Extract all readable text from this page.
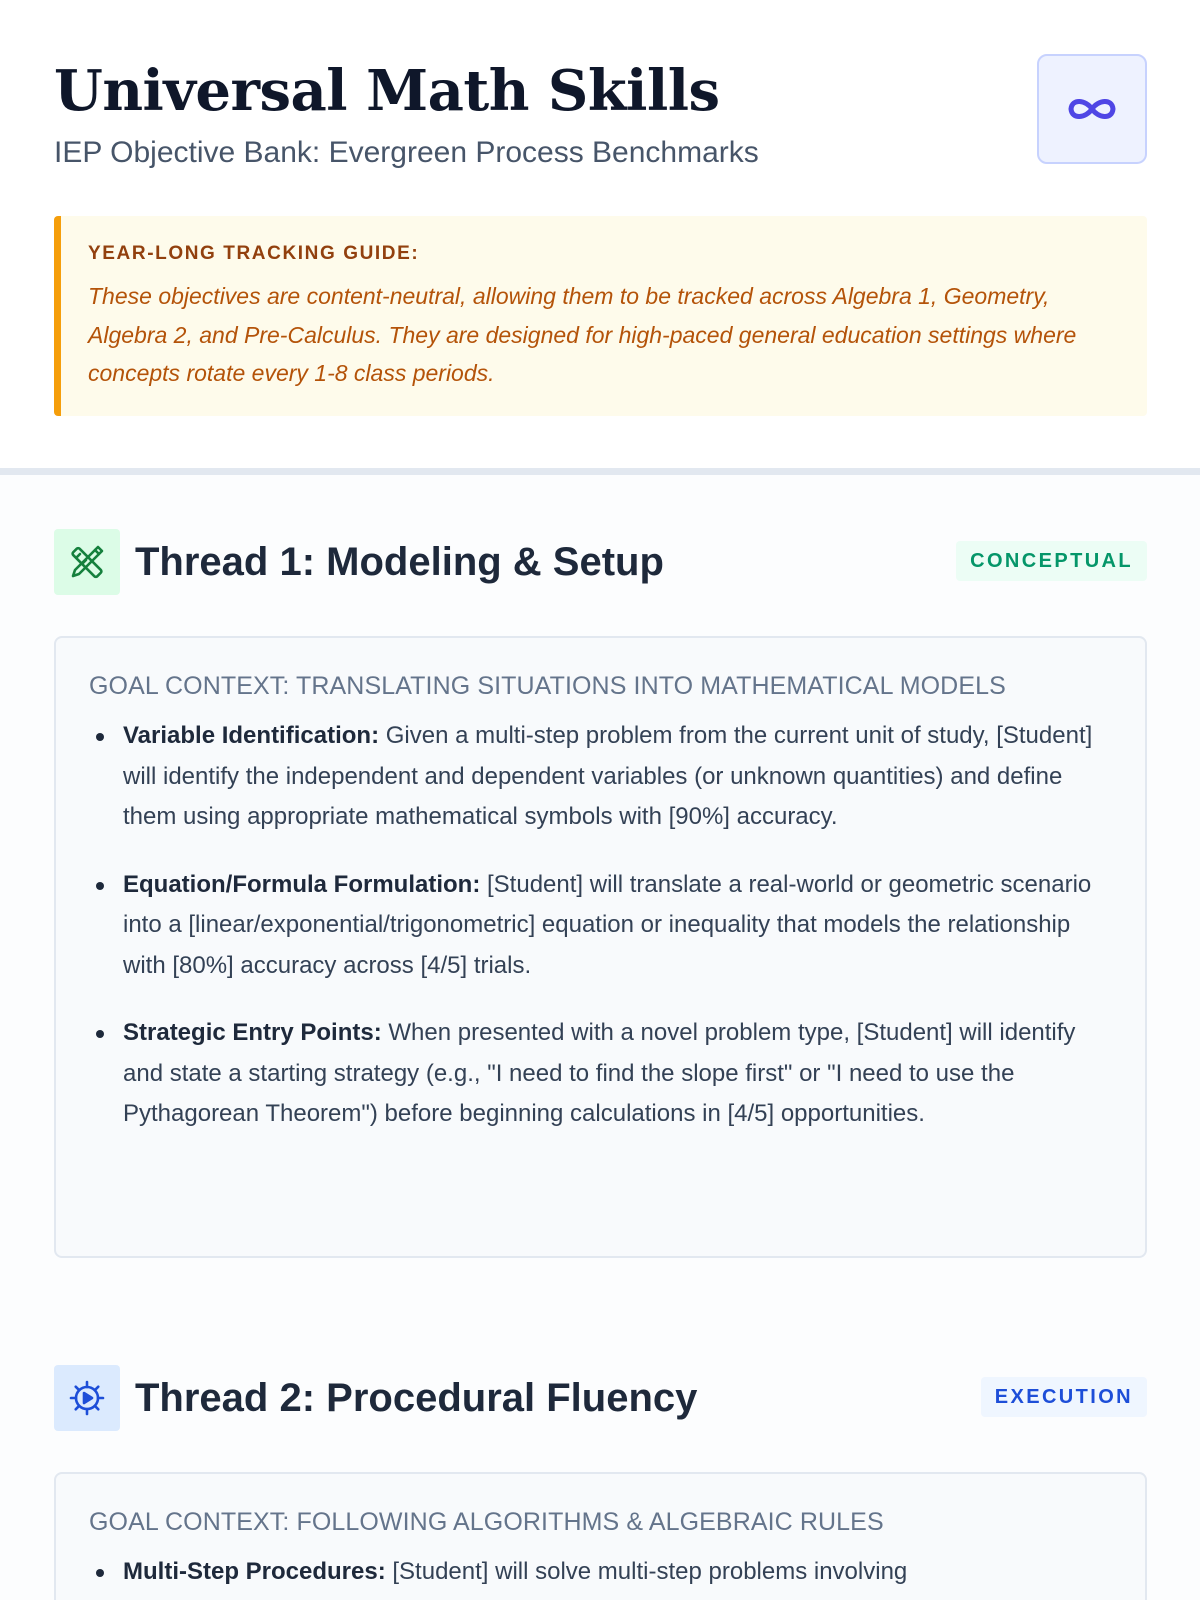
Universal Math Skills
IEP Objective Bank: Evergreen Process Benchmarks
YEAR-LONG TRACKING GUIDE:
These objectives are content-neutral, allowing them to be tracked across Algebra 1, Geometry, Algebra 2, and Pre-Calculus. They are designed for high-paced general education settings where concepts rotate every 1-8 class periods.
Thread 1: Modeling & Setup	CONCEPTUAL
GOAL CONTEXT: TRANSLATING SITUATIONS INTO MATHEMATICAL MODELS
Variable Identification: Given a multi-step problem from the current unit of study, [Student] will identify the independent and dependent variables (or unknown quantities) and define them using appropriate mathematical symbols with [90%] accuracy.
Equation/Formula Formulation: [Student] will translate a real-world or geometric scenario into a [linear/exponential/trigonometric] equation or inequality that models the relationship with [80%] accuracy across [4/5] trials.
Strategic Entry Points: When presented with a novel problem type, [Student] will identify and state a starting strategy (e.g., "I need to find the slope first" or "I need to use the Pythagorean Theorem") before beginning calculations in [4/5] opportunities.
Thread 2: Procedural Fluency	EXECUTION
GOAL CONTEXT: FOLLOWING ALGORITHMS & ALGEBRAIC RULES
Multi-Step Procedures: [Student] will solve multi-step problems involving
